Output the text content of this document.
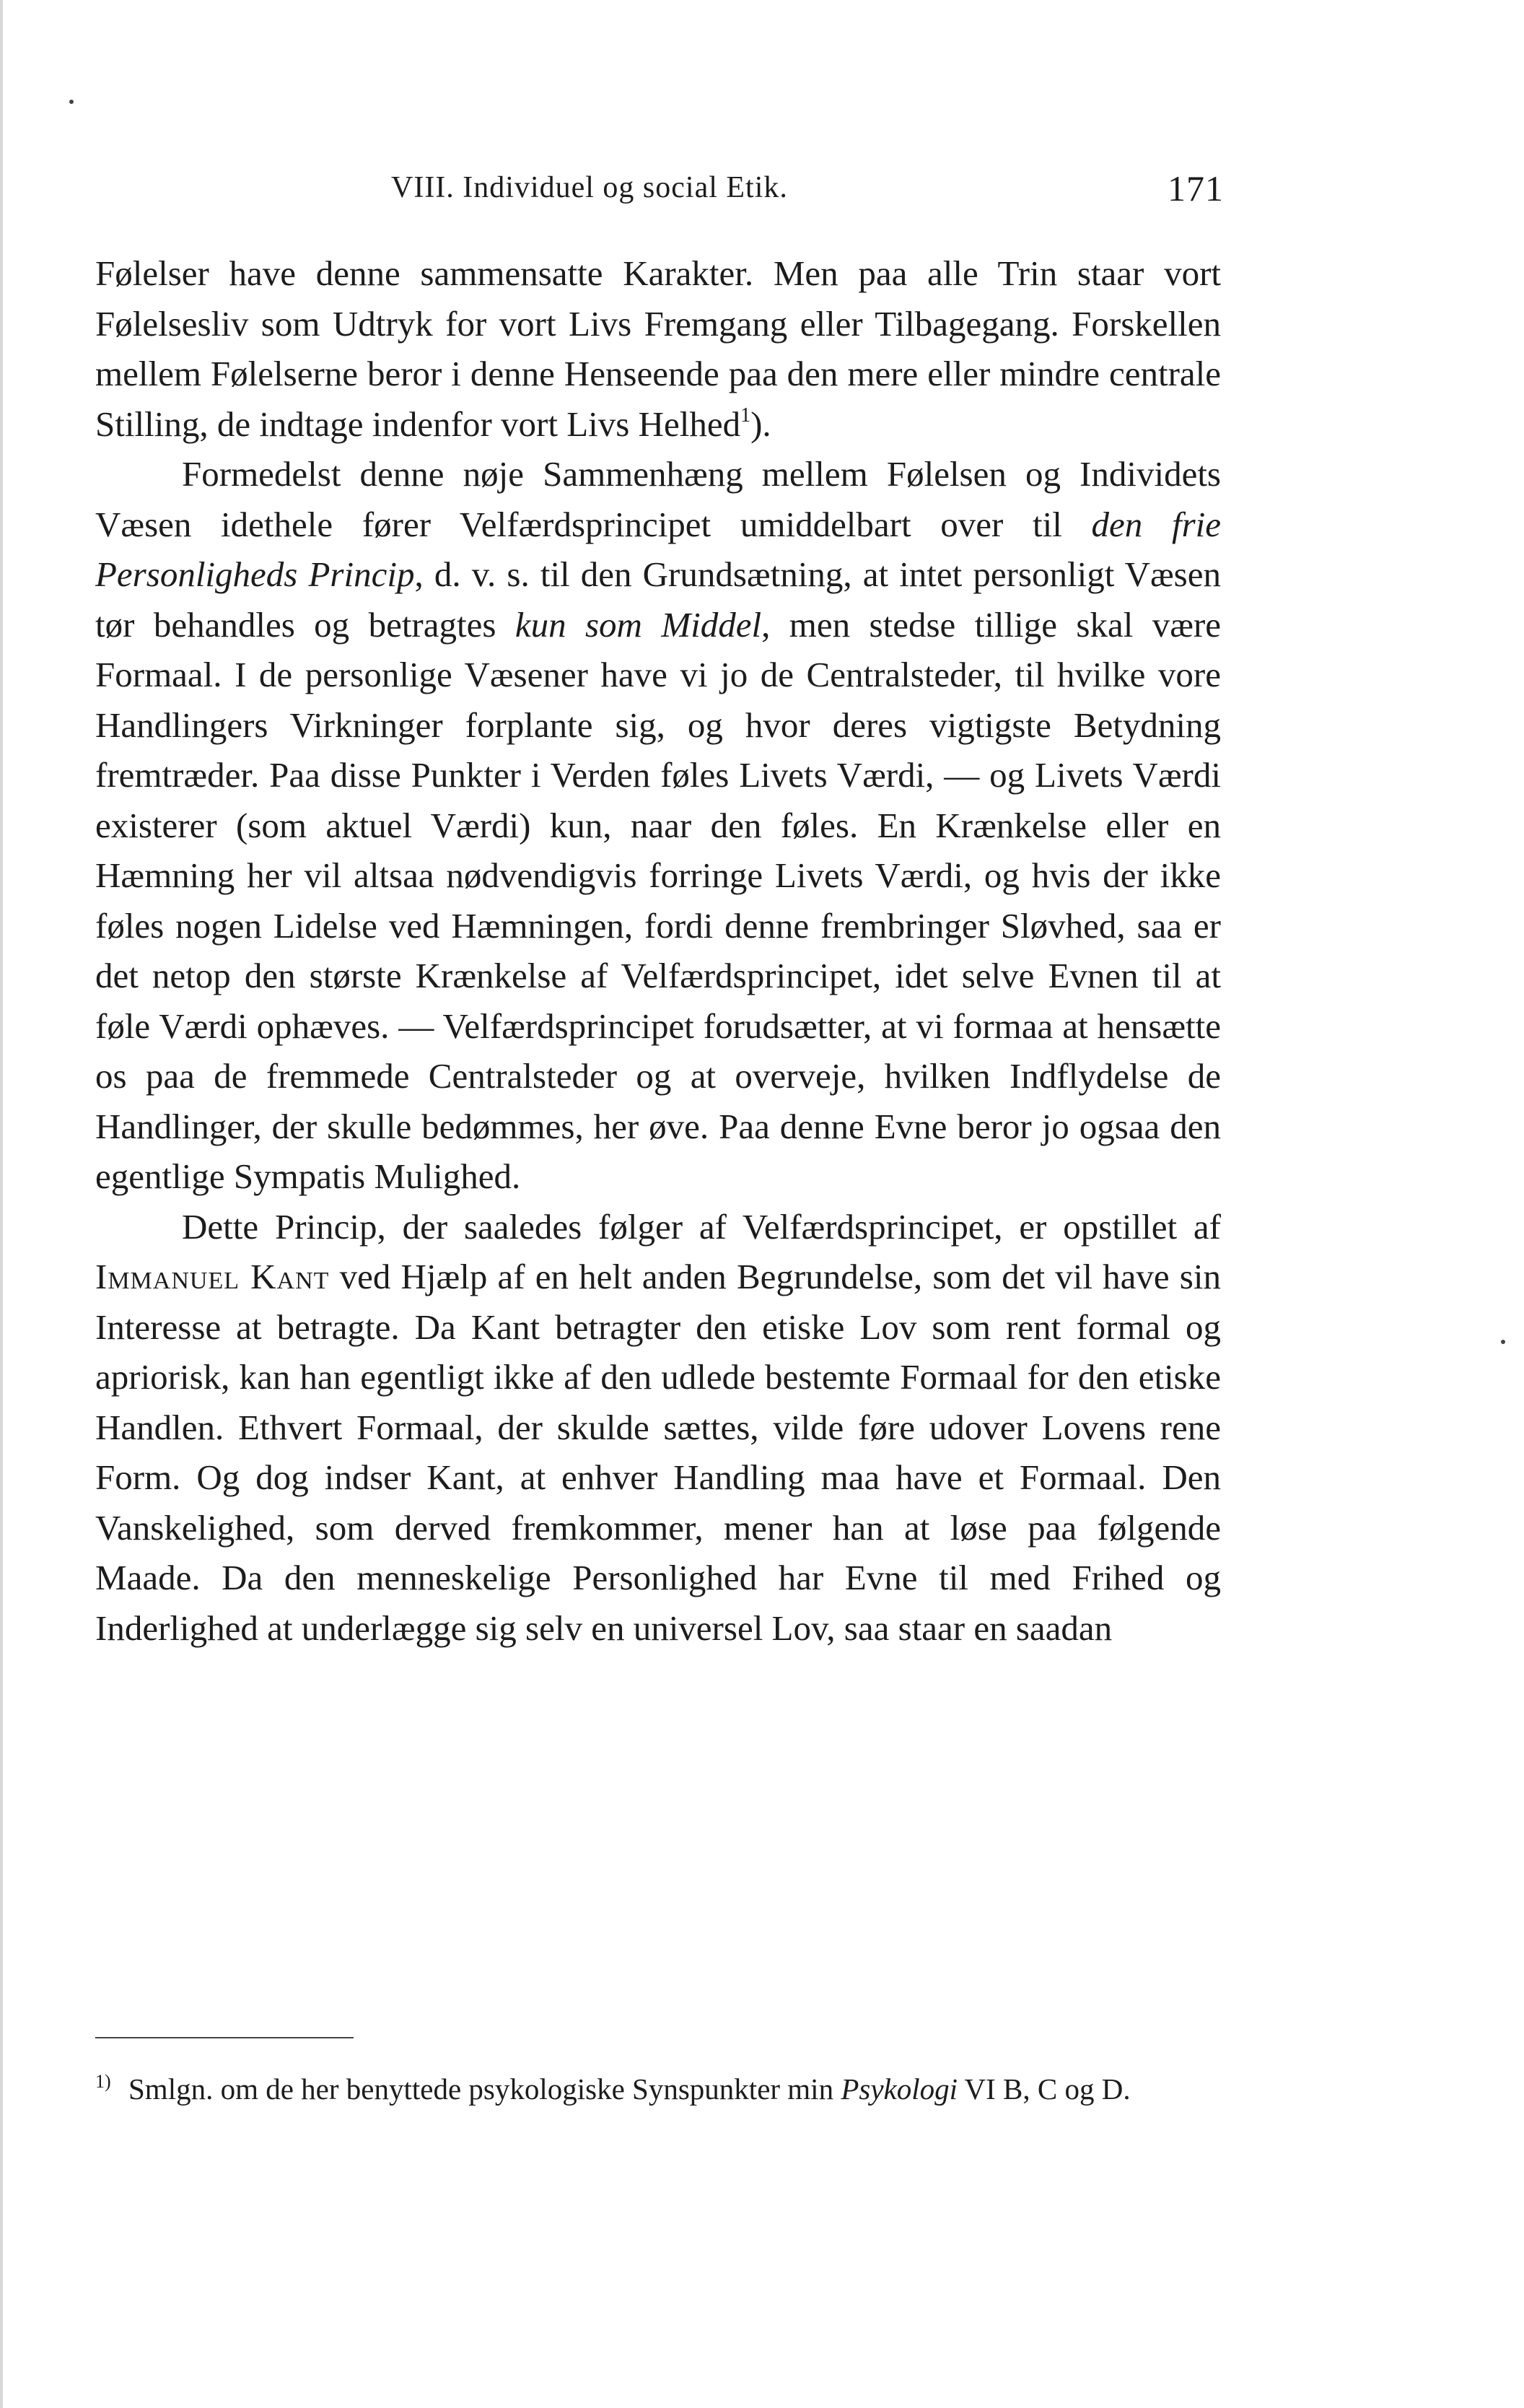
VIII. Individuel og social Etik.	171

Følelser have denne sammensatte Karakter. Men paa alle Trin staar vort Følelsesliv som Udtryk for vort Livs Fremgang eller Tilbagegang. Forskellen mellem Følelserne beror i denne Henseende paa den mere eller mindre centrale Stilling, de indtage indenfor vort Livs Helhed$^1$).

Formedelst denne nøje Sammenhæng mellem Følelsen og Individets Væsen idethele fører Velfærdsprincipet umiddelbart over til den frie Personligheds Princip, d. v. s. til den Grundsætning, at intet personligt Væsen tør behandles og betragtes kun som Middel, men stedse tillige skal være Formaal. I de personlige Væsener have vi jo de Centralsteder, til hvilke vore Handlingers Virkninger forplante sig, og hvor deres vigtigste Betydning fremtræder. Paa disse Punkter i Verden føles Livets Værdi, — og Livets Værdi existerer (som aktuel Værdi) kun, naar den føles. En Krænkelse eller en Hæmning her vil altsaa nødvendigvis forringe Livets Værdi, og hvis der ikke føles nogen Lidelse ved Hæmningen, fordi denne frembringer Sløvhed, saa er det netop den største Krænkelse af Velfærdsprincipet, idet selve Evnen til at føle Værdi ophæves. — Velfærdsprincipet forudsætter, at vi formaa at hensætte os paa de fremmede Centralsteder og at overveje, hvilken Indflydelse de Handlinger, der skulle bedømmes, her øve. Paa denne Evne beror jo ogsaa den egentlige Sympatis Mulighed.

Dette Princip, der saaledes følger af Velfærdsprincipet, er opstillet af Immanuel Kant ved Hjælp af en helt anden Begrundelse, som det vil have sin Interesse at betragte. Da Kant betragter den etiske Lov som rent formal og apriorisk, kan han egentligt ikke af den udlede bestemte Formaal for den etiske Handlen. Ethvert Formaal, der skulde sættes, vilde føre udover Lovens rene Form. Og dog indser Kant, at enhver Handling maa have et Formaal. Den Vanskelighed, som derved fremkommer, mener han at løse paa følgende Maade. Da den menneskelige Personlighed har Evne til med Frihed og Inderlighed at underlægge sig selv en universel Lov, saa staar en saadan

1) Smlgn. om de her benyttede psykologiske Synspunkter min Psykologi VI B, C og D.
